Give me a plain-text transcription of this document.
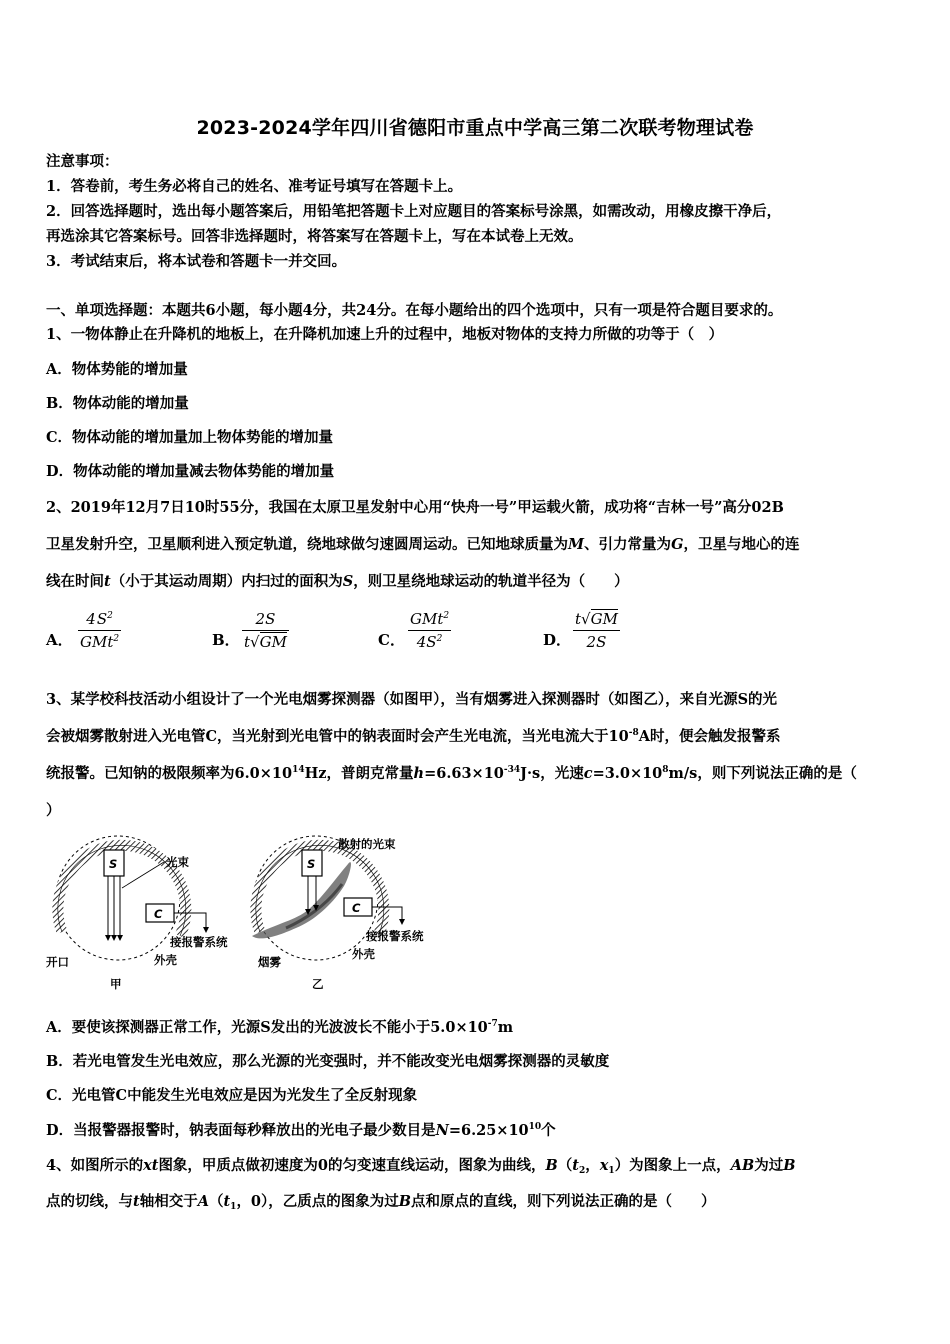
2023-2024学年四川省德阳市重点中学高三第二次联考物理试卷
注意事项：
1．答卷前，考生务必将自己的姓名、准考证号填写在答题卡上。
2．回答选择题时，选出每小题答案后，用铅笔把答题卡上对应题目的答案标号涂黑，如需改动，用橡皮擦干净后，
再选涂其它答案标号。回答非选择题时，将答案写在答题卡上，写在本试卷上无效。
3．考试结束后，将本试卷和答题卡一并交回。
一、单项选择题：本题共6小题，每小题4分，共24分。在每小题给出的四个选项中，只有一项是符合题目要求的。
1、一物体静止在升降机的地板上，在升降机加速上升的过程中，地板对物体的支持力所做的功等于（　）
A．物体势能的增加量
B．物体动能的增加量
C．物体动能的增加量加上物体势能的增加量
D．物体动能的增加量减去物体势能的增加量
2、2019年12月7日10时55分，我国在太原卫星发射中心用“快舟一号”甲运载火箭，成功将“吉林一号”高分02B
卫星发射升空，卫星顺利进入预定轨道，绕地球做匀速圆周运动。已知地球质量为M、引力常量为G，卫星与地心的连
线在时间t（小于其运动周期）内扫过的面积为S，则卫星绕地球运动的轨道半径为（　　）
A．
$4S^2$
GMt$^2$	B．
2S
t√GM	C．
GMt$^2$
$4S^2$	D．
t√GM
2S
3、某学校科技活动小组设计了一个光电烟雾探测器（如图甲），当有烟雾进入探测器时（如图乙），来自光源S的光
会被烟雾散射进入光电管C，当光射到光电管中的钠表面时会产生光电流，当光电流大于$10^{-8}A$时，便会触发报警系
统报警。已知钠的极限频率为$6.0\times 10^{14}Hz$，普朗克常量$h=6.63\times 10^{-34}J\cdot s$，光速$c=3.0\times 10^8m/s$，则下列说法正确的是（
）
S
C
光束
接报警系统
外壳
开口
甲
S
C
散射的光束
接报警系统
外壳
烟雾
乙
A．要使该探测器正常工作，光源S发出的光波波长不能小于$5.0\times 10^{-7}m$
B．若光电管发生光电效应，那么光源的光变强时，并不能改变光电烟雾探测器的灵敏度
C．光电管C中能发生光电效应是因为光发生了全反射现象
D．当报警器报警时，钠表面每秒释放出的光电子最少数目是$N=6.25\times 10^{10}$个
4、如图所示的xt图象，甲质点做初速度为0的匀变速直线运动，图象为曲线，$B(t_2$，$x_1$）为图象上一点，AB为过B
点的切线，与t轴相交于$A(t_1$，0），乙质点的图象为过B点和原点的直线，则下列说法正确的是（　　）
